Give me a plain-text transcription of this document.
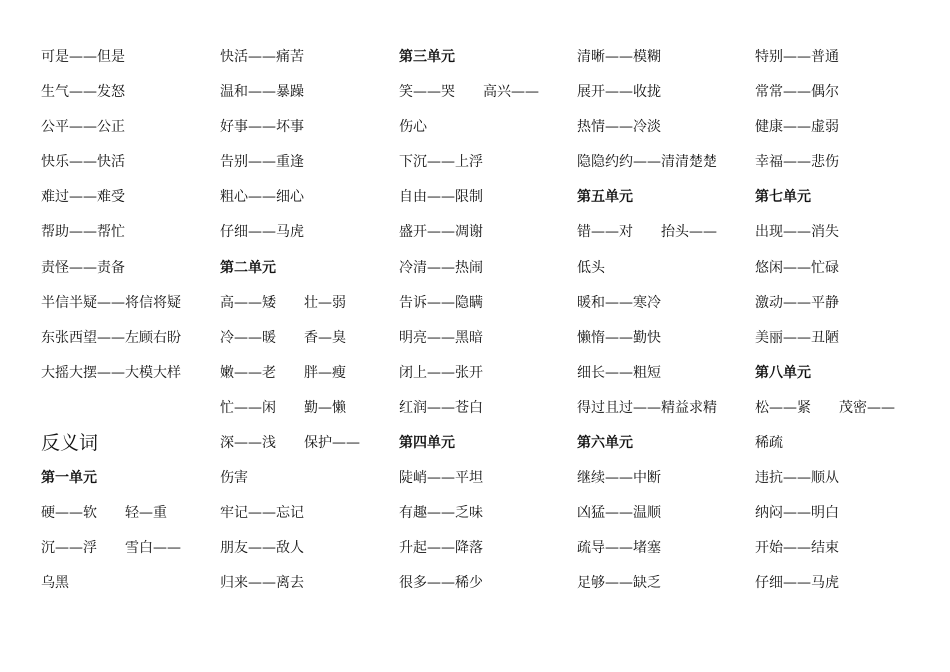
可是——但是
生气——发怒
公平——公正
快乐——快活
难过——难受
帮助——帮忙
责怪——责备
半信半疑——将信将疑
东张西望——左顾右盼
大摇大摆——大模大样
反义词
第一单元
硬——软　　轻—重
沉——浮　　雪白——
乌黑
快活——痛苦
温和——暴躁
好事——坏事
告别——重逢
粗心——细心
仔细——马虎
第二单元
高——矮　　壮—弱
冷——暖　　香—臭
嫩——老　　胖—瘦
忙——闲　　勤—懒
深——浅　　保护——
伤害
牢记——忘记
朋友——敌人
归来——离去
第三单元
笑——哭　　高兴——
伤心
下沉——上浮
自由——限制
盛开——凋谢
冷清——热闹
告诉——隐瞒
明亮——黑暗
闭上——张开
红润——苍白
第四单元
陡峭——平坦
有趣——乏味
升起——降落
很多——稀少
清晰——模糊
展开——收拢
热情——冷淡
隐隐约约——清清楚楚
第五单元
错——对　　抬头——
低头
暖和——寒冷
懒惰——勤快
细长——粗短
得过且过——精益求精
第六单元
继续——中断
凶猛——温顺
疏导——堵塞
足够——缺乏
特别——普通
常常——偶尔
健康——虚弱
幸福——悲伤
第七单元
出现——消失
悠闲——忙碌
激动——平静
美丽——丑陋
第八单元
松——紧　　茂密——
稀疏
违抗——顺从
纳闷——明白
开始——结束
仔细——马虎
